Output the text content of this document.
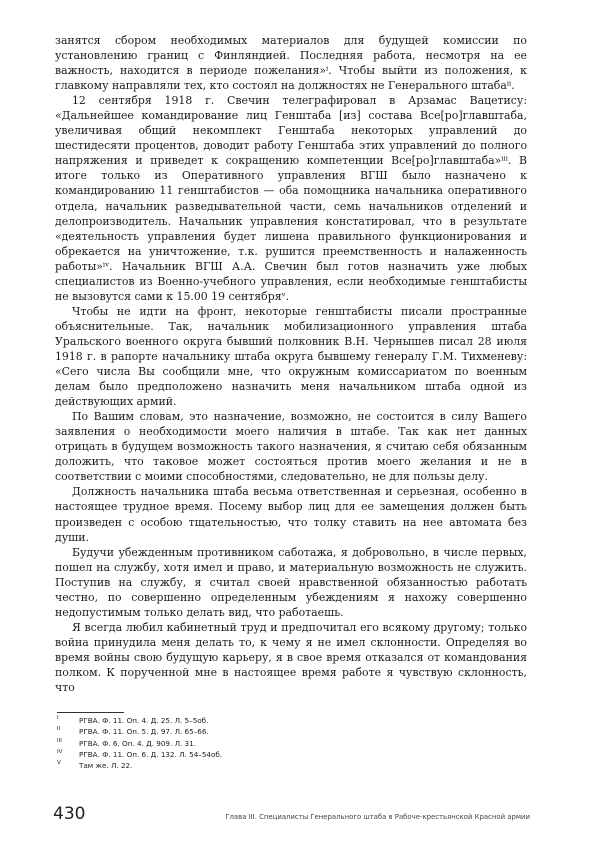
занятся сбором необходимых материалов для будущей комиссии по установлению границ с Финляндией. Последняя работа, несмотря на ее важность, находится в периоде пожелания»ⁱ. Чтобы выйти из положения, к главкому направляли тех, кто состоял на должностях не Генерального штабаⁱⁱ.

12 сентября 1918 г. Свечин телеграфировал в Арзамас Вацетису: «Дальнейшее командирование лиц Генштаба [из] состава Все[ро]главштаба, увеличивая общий некомплект Генштаба некоторых управлений до шестидесяти процентов, доводит работу Генштаба этих управлений до полного напряжения и приведет к сокращению компетенции Все[ро]главштаба»ⁱⁱⁱ. В итоге только из Оперативного управления ВГШ было назначено к командированию 11 генштабистов — оба помощника начальника оперативного отдела, начальник разведывательной части, семь начальников отделений и делопроизводитель. Начальник управления констатировал, что в результате «деятельность управления будет лишена правильного функционирования и обрекается на уничтожение, т.к. рушится преемственность и налаженность работы»ⁱᵛ. Начальник ВГШ А.А. Свечин был готов назначить уже любых специалистов из Военно-учебного управления, если необходимые генштабисты не вызовутся сами к 15.00 19 сентябряᵛ.

Чтобы не идти на фронт, некоторые генштабисты писали пространные объяснительные. Так, начальник мобилизационного управления штаба Уральского военного округа бывший полковник В.Н. Чернышев писал 28 июля 1918 г. в рапорте начальнику штаба округа бывшему генералу Г.М. Тихменеву: «Сего числа Вы сообщили мне, что окружным комиссариатом по военным делам было предположено назначить меня начальником штаба одной из действующих армий.

По Вашим словам, это назначение, возможно, не состоится в силу Вашего заявления о необходимости моего наличия в штабе. Так как нет данных отрицать в будущем возможность такого назначения, я считаю себя обязанным доложить, что таковое может состояться против моего желания и не в соответствии с моими способностями, следовательно, не для пользы делу.

Должность начальника штаба весьма ответственная и серьезная, особенно в настоящее трудное время. Посему выбор лиц для ее замещения должен быть произведен с особою тщательностью, что толку ставить на нее автомата без души.

Будучи убежденным противником саботажа, я добровольно, в числе первых, пошел на службу, хотя имел и право, и материальную возможность не служить. Поступив на службу, я считал своей нравственной обязанностью работать честно, по совершенно определенным убеждениям я нахожу совершенно недопустимым только делать вид, что работаешь.

Я всегда любил кабинетный труд и предпочитал его всякому другому; только война принудила меня делать то, к чему я не имел склонности. Определяя во время войны свою будущую карьеру, я в свое время отказался от командования полком. К порученной мне в настоящее время работе я чувствую склонность, что

I	РГВА. Ф. 11. Оп. 4. Д. 25. Л. 5–5об.
II	РГВА. Ф. 11. Оп. 5. Д. 97. Л. 65–66.
III РГВА. Ф. 6. Оп. 4. Д. 909. Л. 31.
IV РГВА. Ф. 11. Оп. 6. Д. 132. Л. 54–54об.
V	Там же. Л. 22.
430	Глава III. Специалисты Генерального штаба в Рабоче-крестьянской Красной армии
